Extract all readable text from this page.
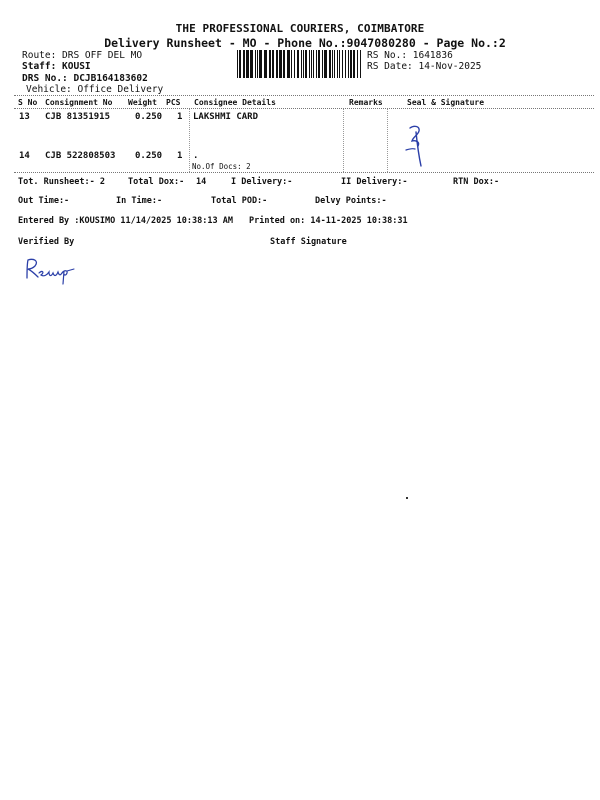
THE PROFESSIONAL COURIERS, COIMBATORE
Delivery Runsheet - MO - Phone No.:9047080280 - Page No.:2
Route: DRS OFF DEL MO
Staff: KOUSI
DRS No.: DCJB164183602
Vehicle: Office Delivery
RS No.: 1641836
RS Date: 14-Nov-2025
S No Consignment No Weight PCS Consignee Details	Remarks	Seal & Signature
13 CJB 81351915	0.250 1 LAKSHMI CARD
14 CJB 522808503 0.250 1 .
No.Of Docs: 2
Tot. Runsheet:- 2	Total Dox:- 14	I Delivery:-	II Delivery:-	RTN Dox:-
Out Time:-	In Time:-	Total POD:-	Delvy Points:-
Entered By :KOUSIMO 11/14/2025 10:38:13 AM Printed on: 14-11-2025 10:38:31
Verified By	Staff Signature
